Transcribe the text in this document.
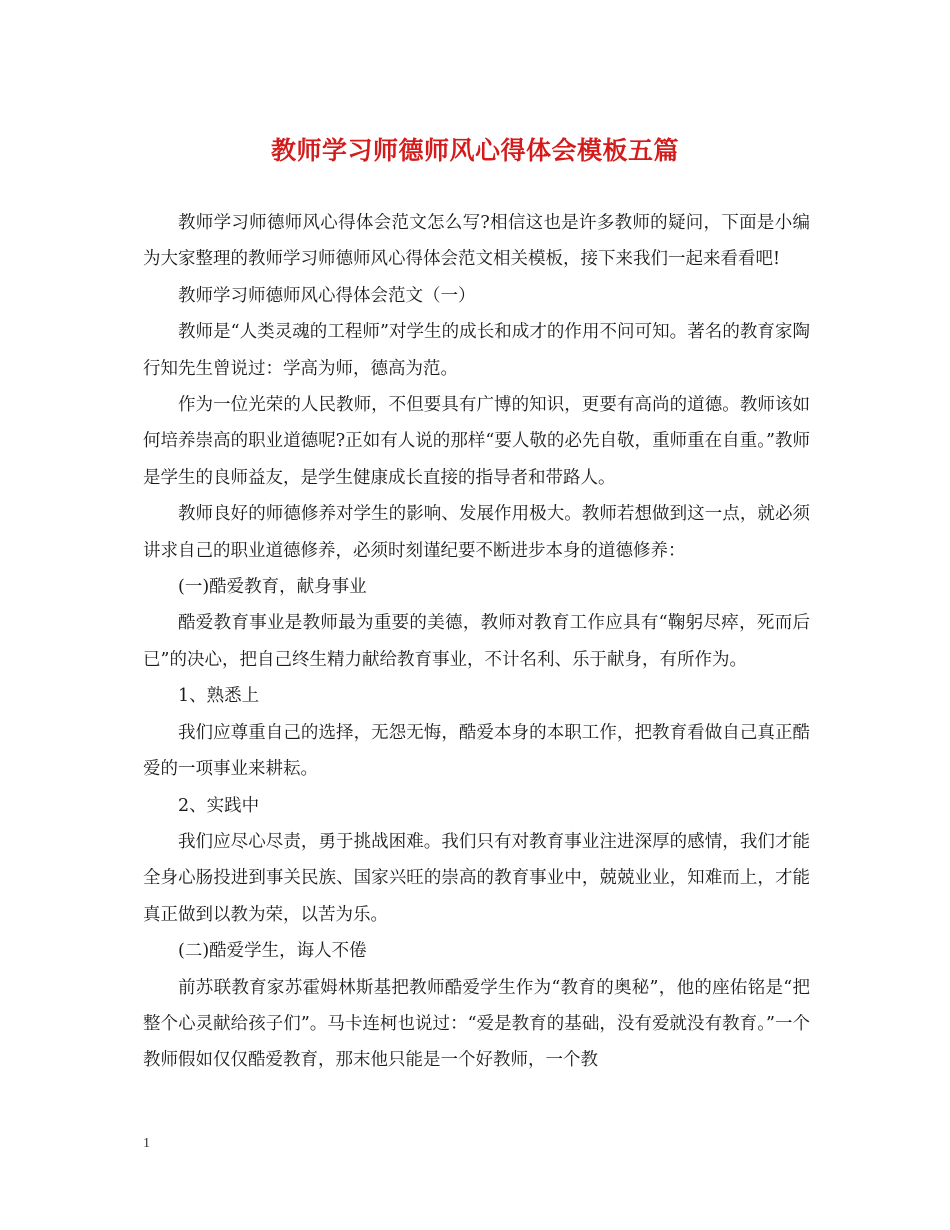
教师学习师德师风心得体会模板五篇

教师学习师德师风心得体会范文怎么写?相信这也是许多教师的疑问，下面是小编为大家整理的教师学习师德师风心得体会范文相关模板，接下来我们一起来看看吧!

教师学习师德师风心得体会范文（一）

教师是“人类灵魂的工程师”对学生的成长和成才的作用不问可知。著名的教育家陶行知先生曾说过：学高为师，德高为范。

作为一位光荣的人民教师，不但要具有广博的知识，更要有高尚的道德。教师该如何培养崇高的职业道德呢?正如有人说的那样“要人敬的必先自敬，重师重在自重。”教师是学生的良师益友，是学生健康成长直接的指导者和带路人。

教师良好的师德修养对学生的影响、发展作用极大。教师若想做到这一点，就必须讲求自己的职业道德修养，必须时刻谨纪要不断进步本身的道德修养：

(一)酷爱教育，献身事业

酷爱教育事业是教师最为重要的美德，教师对教育工作应具有“鞠躬尽瘁，死而后已”的决心，把自己终生精力献给教育事业，不计名利、乐于献身，有所作为。

1、熟悉上

我们应尊重自己的选择，无怨无悔，酷爱本身的本职工作，把教育看做自己真正酷爱的一项事业来耕耘。

2、实践中

我们应尽心尽责，勇于挑战困难。我们只有对教育事业注进深厚的感情，我们才能全身心肠投进到事关民族、国家兴旺的崇高的教育事业中，兢兢业业，知难而上，才能真正做到以教为荣，以苦为乐。

(二)酷爱学生，诲人不倦

前苏联教育家苏霍姆林斯基把教师酷爱学生作为“教育的奥秘”，他的座佑铭是“把整个心灵献给孩子们”。马卡连柯也说过：“爱是教育的基础，没有爱就没有教育。”一个教师假如仅仅酷爱教育，那末他只能是一个好教师，一个教

1
